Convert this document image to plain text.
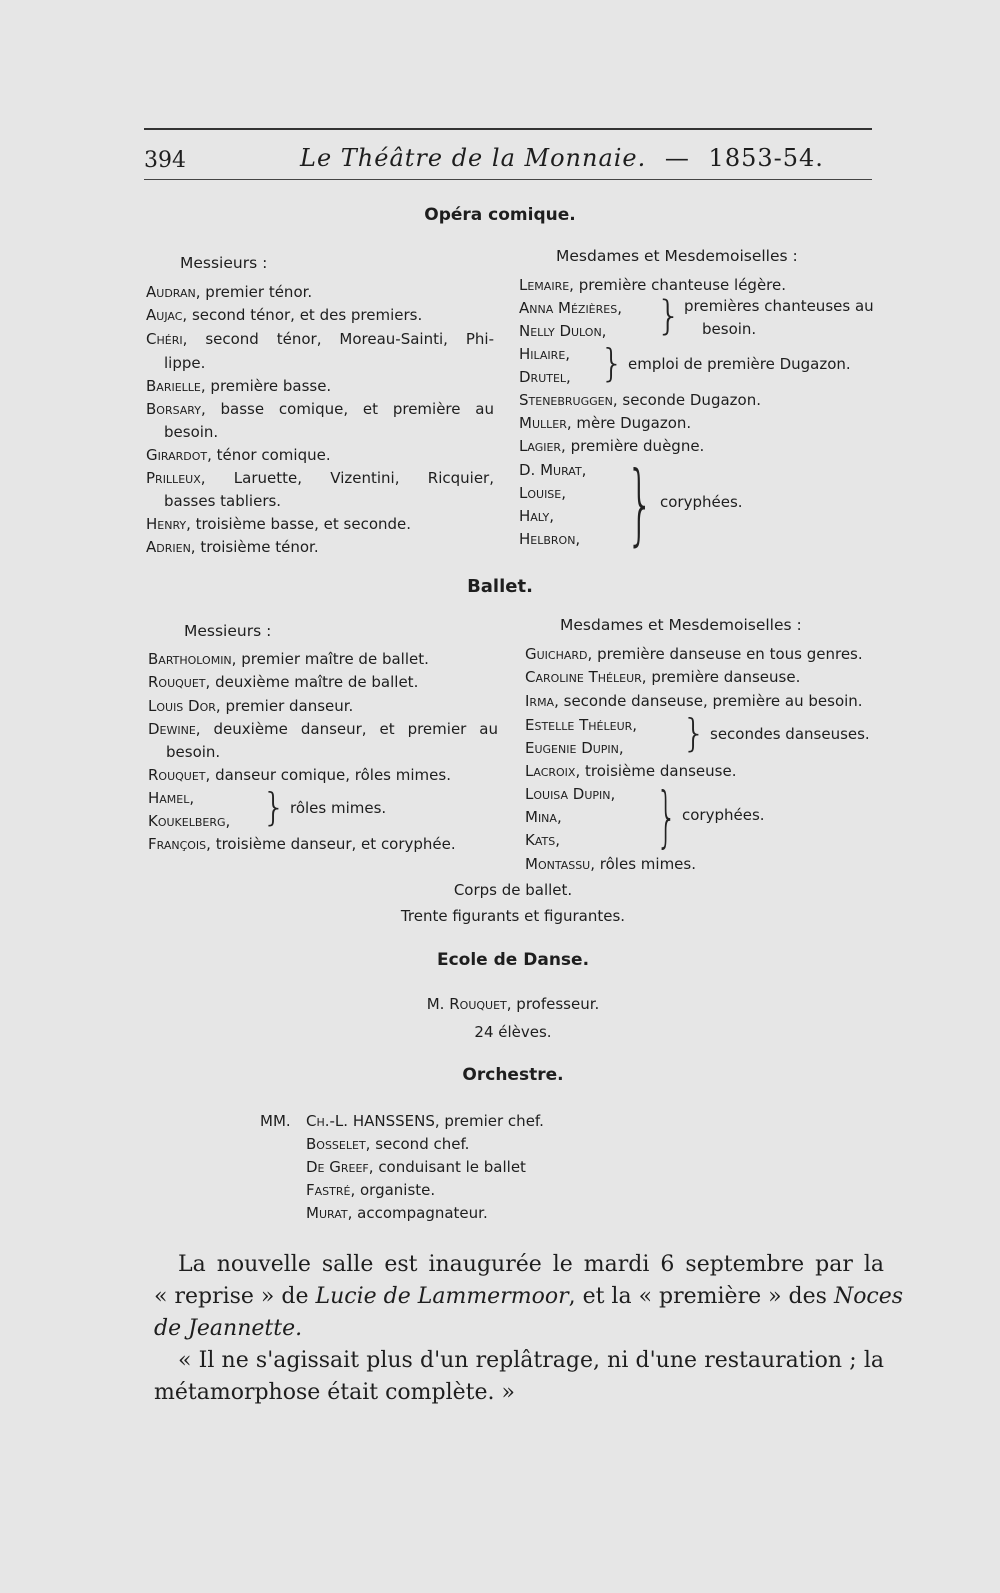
394	Le Théâtre de la Monnaie. — 1853-54.
Opéra comique.
Messieurs :	Mesdames et Mesdemoiselles :
Audran, premier ténor.
Aujac, second ténor, et des premiers.
Chéri, second ténor, Moreau-Sainti, Phi-
lippe.
Barielle, première basse.
Borsary, basse comique, et première au
besoin.
Girardot, ténor comique.
Prilleux, Laruette, Vizentini, Ricquier,
basses tabliers.
Henry, troisième basse, et seconde.
Adrien, troisième ténor.
Lemaire, première chanteuse légère.
Anna Mézières,
Nelly Dulon, } premières chanteuses au
besoin.
Hilaire,
Drutel, } emploi de première Dugazon.
Stenebruggen, seconde Dugazon.
Muller, mère Dugazon.
Lagier, première duègne.
D. Murat,
Louise,
Haly,
Helbron, } coryphées.
Ballet.
Messieurs :	Mesdames et Mesdemoiselles :
Bartholomin, premier maître de ballet.
Rouquet, deuxième maître de ballet.
Louis Dor, premier danseur.
Dewine, deuxième danseur, et premier au
besoin.
Rouquet, danseur comique, rôles mimes.
Hamel,
Koukelberg, } rôles mimes.
François, troisième danseur, et coryphée.
Guichard, première danseuse en tous genres.
Caroline Théleur, première danseuse.
Irma, seconde danseuse, première au besoin.
Estelle Théleur,
Eugenie Dupin, } secondes danseuses.
Lacroix, troisième danseuse.
Louisa Dupin,
Mina,
Kats, } coryphées.
Montassu, rôles mimes.
Corps de ballet.
Trente figurants et figurantes.
Ecole de Danse.
M. Rouquet, professeur.
24 élèves.
Orchestre.
MM. Ch.-L. HANSSENS, premier chef.
Bosselet, second chef.
De Greef, conduisant le ballet
Fastré, organiste.
Murat, accompagnateur.
La nouvelle salle est inaugurée le mardi 6 septembre par la
« reprise » de Lucie de Lammermoor, et la « première » des Noces
de Jeannette.
« Il ne s'agissait plus d'un replâtrage, ni d'une restauration ; la
métamorphose était complète. »
